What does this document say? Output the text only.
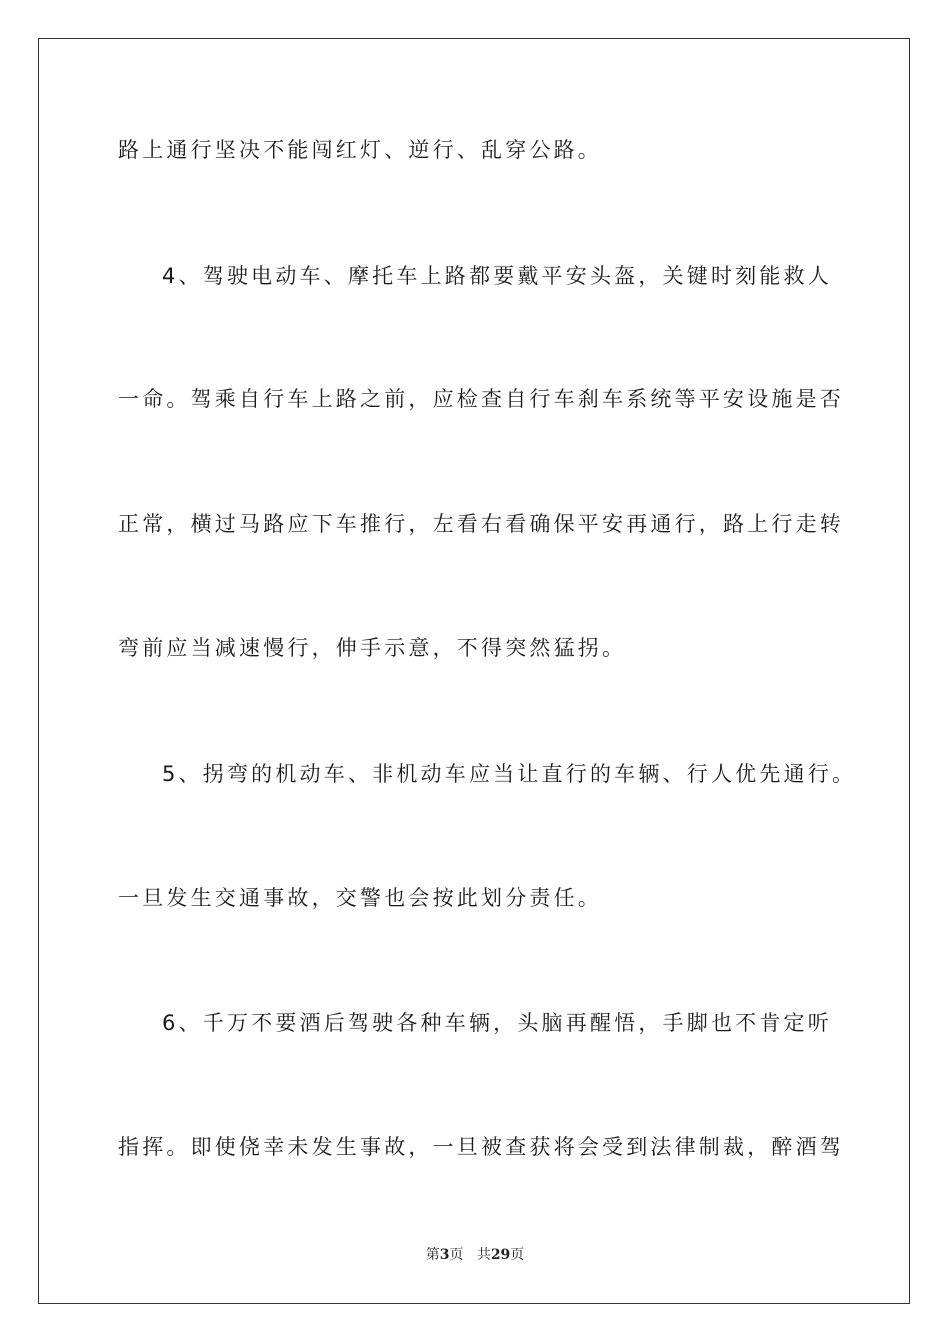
路上通行坚决不能闯红灯、逆行、乱穿公路。
4、驾驶电动车、摩托车上路都要戴平安头盔，关键时刻能救人
一命。驾乘自行车上路之前，应检查自行车刹车系统等平安设施是否
正常，横过马路应下车推行，左看右看确保平安再通行，路上行走转
弯前应当减速慢行，伸手示意，不得突然猛拐。
5、拐弯的机动车、非机动车应当让直行的车辆、行人优先通行。
一旦发生交通事故，交警也会按此划分责任。
6、千万不要酒后驾驶各种车辆，头脑再醒悟，手脚也不肯定听
指挥。即使侥幸未发生事故，一旦被查获将会受到法律制裁，醉酒驾
第3页 共29页
